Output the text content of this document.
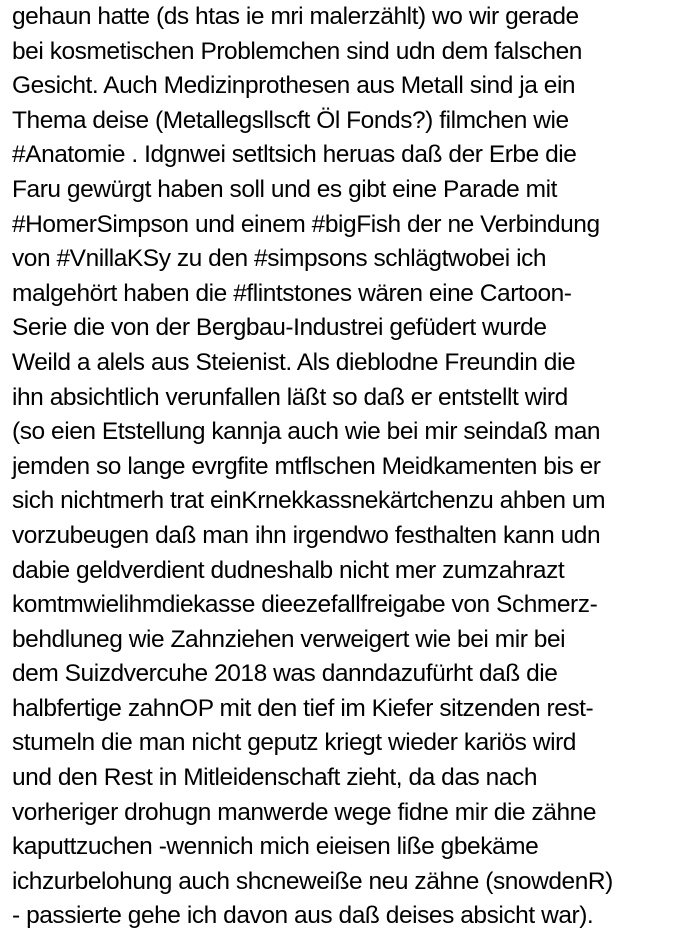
gehaun hatte (ds htas ie mri malerzählt) wo wir gerade
bei kosmetischen Problemchen sind udn dem falschen
Gesicht. Auch Medizinprothesen aus Metall sind ja ein
Thema deise (Metallegsllscft Öl Fonds?) filmchen wie
#Anatomie . Idgnwei setltsich heruas daß der Erbe die
Faru gewürgt haben soll und es gibt eine Parade mit
#HomerSimpson und einem #bigFish der ne Verbindung
von #VnillaKSy zu den #simpsons schlägtwobei ich
malgehört haben die #flintstones wären eine Cartoon-
Serie die von der Bergbau-Industrei gefüdert wurde
Weild a alels aus Steienist. Als dieblodne Freundin die
ihn absichtlich verunfallen läßt so daß er entstellt wird
(so eien Etstellung kannja auch wie bei mir seindaß man
jemden so lange evrgfite mtflschen Meidkamenten bis er
sich nichtmerh trat einKrnekkassnekärtchenzu ahben um
vorzubeugen daß man ihn irgendwo festhalten kann udn
dabie geldverdient dudneshalb nicht mer zumzahrazt
komtmwielihmdiekasse dieezefallfreigabe von Schmerz-
behdluneg wie Zahnziehen verweigert wie bei mir bei
dem Suizdvercuhe 2018 was danndazufürht daß die
halbfertige zahnOP mit den tief im Kiefer sitzenden rest-
stumeln die man nicht geputz kriegt wieder kariös wird
und den Rest in Mitleidenschaft zieht, da das nach
vorheriger drohugn manwerde wege fidne mir die zähne
kaputtzuchen -wennich mich eieisen liße gbekäme
ichzurbelohung auch shcneweiße neu zähne (snowdenR)
- passierte gehe ich davon aus daß deises absicht war).
